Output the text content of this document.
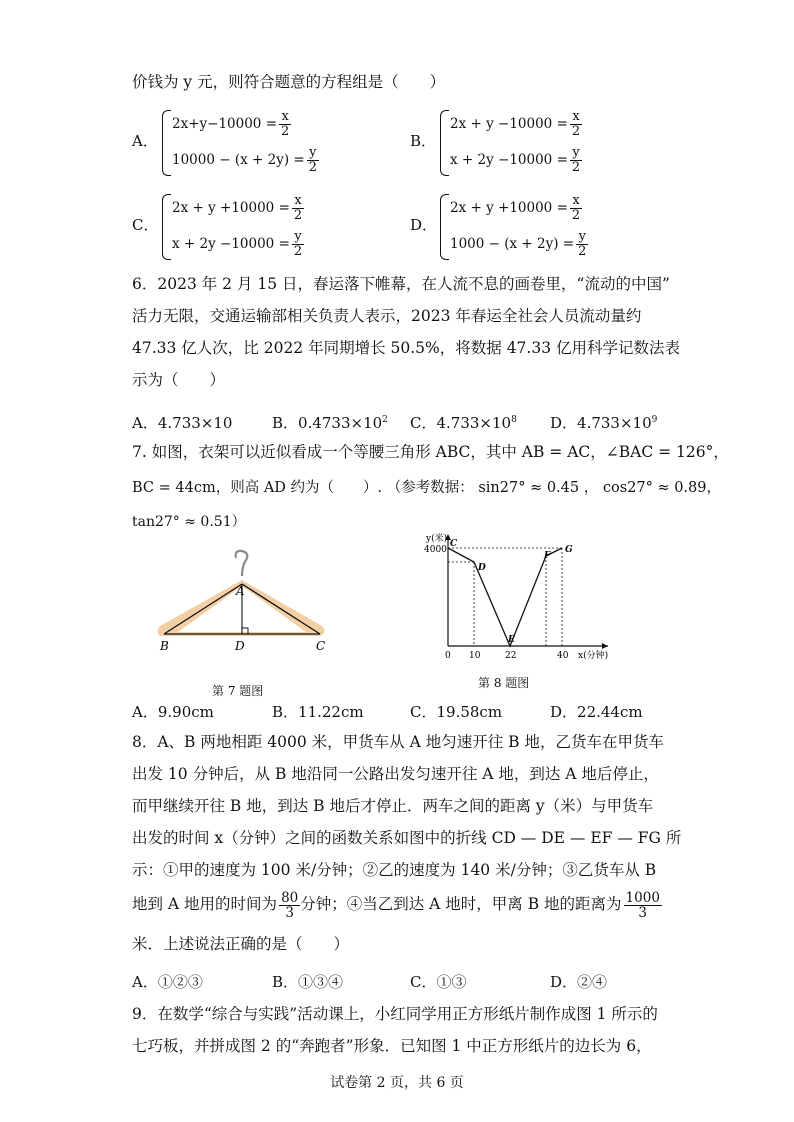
价钱为 y 元，则符合题意的方程组是（　　）
A．
$2x+y-10000 = \frac{x}{2}$
$10000 - (x + 2y) = \frac{y}{2}$
B．
$2x + y -10000 = \frac{x}{2}$
$x + 2y -10000 = \frac{y}{2}$
C．
$2x + y +10000 = \frac{x}{2}$
$x + 2y -10000 = \frac{y}{2}$
D．
$2x + y +10000 = \frac{x}{2}$
$1000 - (x + 2y) = \frac{y}{2}$
6．2023 年 2 月 15 日，春运落下帷幕，在人流不息的画卷里，“流动的中国”
活力无限，交通运输部相关负责人表示，2023 年春运全社会人员流动量约
47.33 亿人次，比 2022 年同期增长 50.5%，将数据 47.33 亿用科学记数法表
示为（　　）
A．4.733×10	B．$0.4733\times 10^2$ C．$4.733\times 10^8$ D．$4.733\times 10^9$
7. 如图，衣架可以近似看成一个等腰三角形 ABC，其中 AB = AC，∠BAC = 126°，
BC = 44cm，则高 AD 约为（　　）. （参考数据： sin27° ≈ 0.45 ， cos27° ≈ 0.89，
tan27° ≈ 0.51）
A
B	D	C
第 7 题图
y(米)
4000
C
D
E
F
G
0 10	22	40 x(分钟)
第 8 题图
A．9.90cm	B．11.22cm	C．19.58cm	D．22.44cm
8．A、B 两地相距 4000 米，甲货车从 A 地匀速开往 B 地，乙货车在甲货车
出发 10 分钟后，从 B 地沿同一公路出发匀速开往 A 地，到达 A 地后停止，
而甲继续开往 B 地，到达 B 地后才停止．两车之间的距离 y（米）与甲货车
出发的时间 x（分钟）之间的函数关系如图中的折线 CD — DE — EF — FG 所
示：①甲的速度为 100 米/分钟；②乙的速度为 140 米/分钟；③乙货车从 B
地到 A 地用的时间为 $\frac{80}{3}$ 分钟；④当乙到达 A 地时，甲离 B 地的距离为 $\frac{1000}{3}$
米．上述说法正确的是（　　）
A．①②③	B．①③④	C．①③	D．②④
9．在数学“综合与实践”活动课上，小红同学用正方形纸片制作成图 1 所示的
七巧板，并拼成图 2 的“奔跑者”形象．已知图 1 中正方形纸片的边长为 6，
试卷第 2 页，共 6 页
